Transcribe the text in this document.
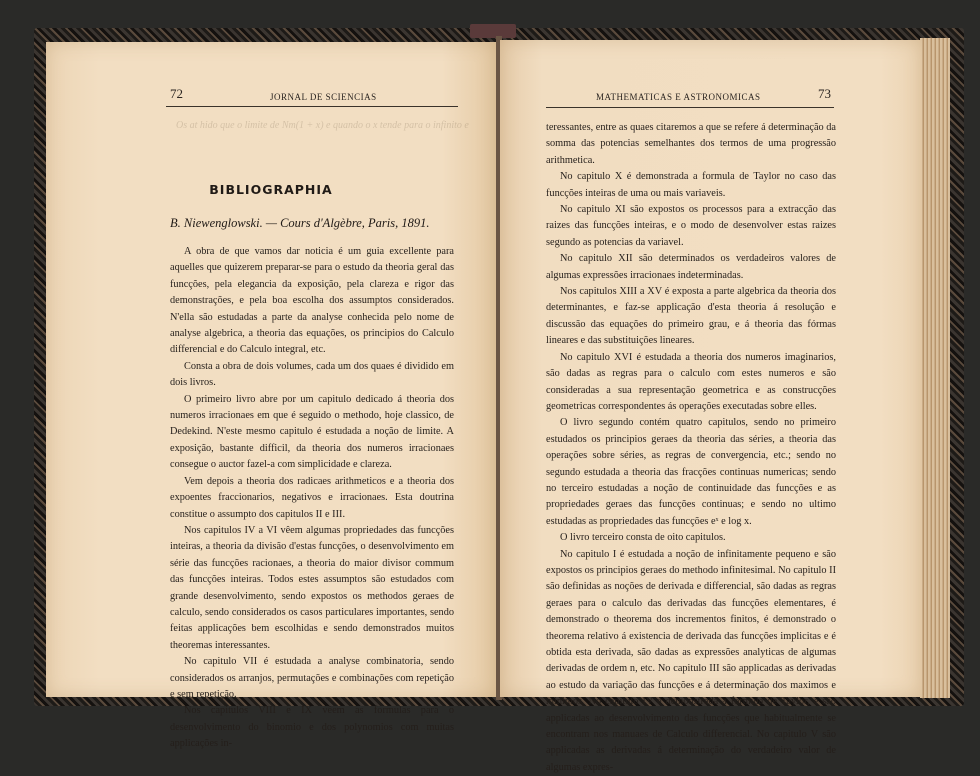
72	JORNAL DE SCIENCIAS
Os at hido que o limite de Nm(1 + x) e quando o x tende para o infinito e
BIBLIOGRAPHIA
B. Niewenglowski. — Cours d'Algèbre, Paris, 1891.

A obra de que vamos dar noticia é um guia excellente para aquelles que quizerem preparar-se para o estudo da theoria geral das funcções, pela elegancia da exposição, pela clareza e rigor das demonstrações, e pela boa escolha dos assumptos considerados. N'ella são estudadas a parte da analyse conhecida pelo nome de analyse algebrica, a theoria das equações, os principios do Calculo differencial e do Calculo integral, etc.

Consta a obra de dois volumes, cada um dos quaes é dividido em dois livros.

O primeiro livro abre por um capitulo dedicado á theoria dos numeros irracionaes em que é seguido o methodo, hoje classico, de Dedekind. N'este mesmo capitulo é estudada a noção de limite. A exposição, bastante difficil, da theoria dos numeros irracionaes consegue o auctor fazel-a com simplicidade e clareza.

Vem depois a theoria dos radicaes arithmeticos e a theoria dos expoentes fraccionarios, negativos e irracionaes. Esta doutrina constitue o assumpto dos capitulos II e III.

Nos capitulos IV a VI vêem algumas propriedades das funcções inteiras, a theoria da divisão d'estas funcções, o desenvolvimento em série das funcções racionaes, a theoria do maior divisor commum das funcções inteiras. Todos estes assumptos são estudados com grande desenvolvimento, sendo expostos os methodos geraes de calculo, sendo considerados os casos particulares importantes, sendo feitas applicações bem escolhidas e sendo demonstrados muitos theoremas interessantes.

No capitulo VII é estudada a analyse combinatoria, sendo considerados os arranjos, permutações e combinações com repetição e sem repetição.

Nos capitulos VIII e IX vêem as formulas para o desenvolvimento do binomio e dos polynomios com muitas applicações in-

MATHEMATICAS E ASTRONOMICAS	73

teressantes, entre as quaes citaremos a que se refere á determinação da somma das potencias semelhantes dos termos de uma progressão arithmetica.

No capitulo X é demonstrada a formula de Taylor no caso das funcções inteiras de uma ou mais variaveis.

No capitulo XI são expostos os processos para a extracção das raizes das funcções inteiras, e o modo de desenvolver estas raizes segundo as potencias da variavel.

No capitulo XII são determinados os verdadeiros valores de algumas expressões irracionaes indeterminadas.

Nos capitulos XIII a XV é exposta a parte algebrica da theoria dos determinantes, e faz-se applicação d'esta theoria á resolução e discussão das equações do primeiro grau, e á theoria das fórmas lineares e das substituições lineares.

No capitulo XVI é estudada a theoria dos numeros imaginarios, são dadas as regras para o calculo com estes numeros e são consideradas a sua representação geometrica e as construcções geometricas correspondentes ás operações executadas sobre elles.

O livro segundo contém quatro capitulos, sendo no primeiro estudados os principios geraes da theoria das séries, a theoria das operações sobre séries, as regras de convergencia, etc.; sendo no segundo estudada a theoria das fracções continuas numericas; sendo no terceiro estudadas a noção de continuidade das funcções e as propriedades geraes das funcções continuas; e sendo no ultimo estudadas as propriedades das funcções eˣ e log x.

O livro terceiro consta de oito capitulos.

No capitulo I é estudada a noção de infinitamente pequeno e são expostos os principios geraes do methodo infinitesimal. No capitulo II são definidas as noções de derivada e differencial, são dadas as regras geraes para o calculo das derivadas das funcções elementares, é demonstrado o theorema dos incrementos finitos, é demonstrado o theorema relativo á existencia de derivada das funcções implicitas e é obtida esta derivada, são dadas as expressões analyticas de algumas derivadas de ordem n, etc. No capitulo III são applicadas as derivadas ao estudo da variação das funcções e á determinação dos maximos e minimos. No capitulo IV é demonstrada a formula de Taylor, e são applicadas ao desenvolvimento das funcções que habitualmente se encontram nos manuaes de Calculo differencial. No capitulo V são applicadas as derivadas á determinação do verdadeiro valor de algumas expres-
